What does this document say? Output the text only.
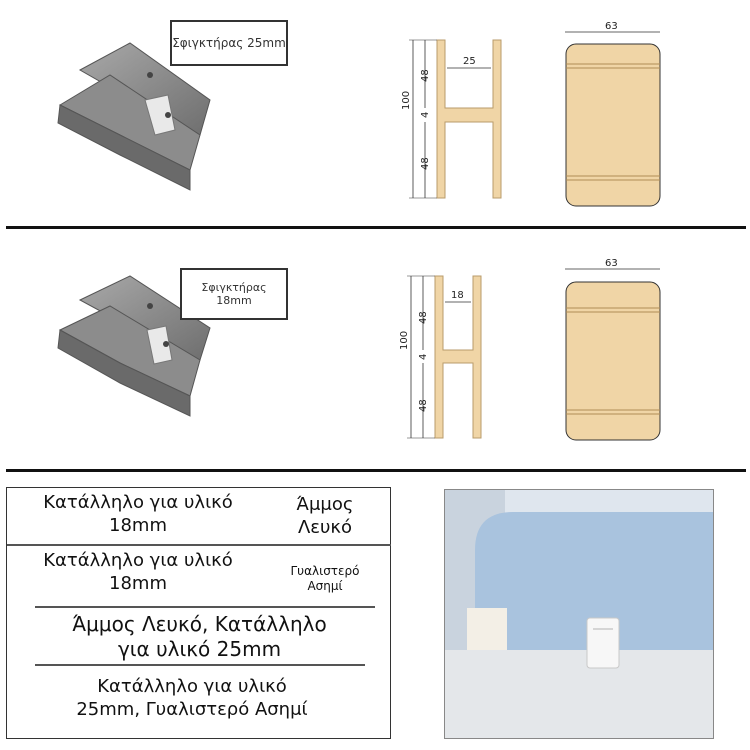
Σφιγκτήρας 25mm
100
48
4
48
25
63
Σφιγκτήρας
18mm
100
48
4
48
18
63
Κατάλληλο για υλικό
18mm
Άμμος
Λευκό
Κατάλληλο για υλικό
18mm
Γυαλιστερό
Ασημί
Άμμος Λευκό, Κατάλληλο
για υλικό 25mm
Κατάλληλο για υλικό
25mm, Γυαλιστερό Ασημί
